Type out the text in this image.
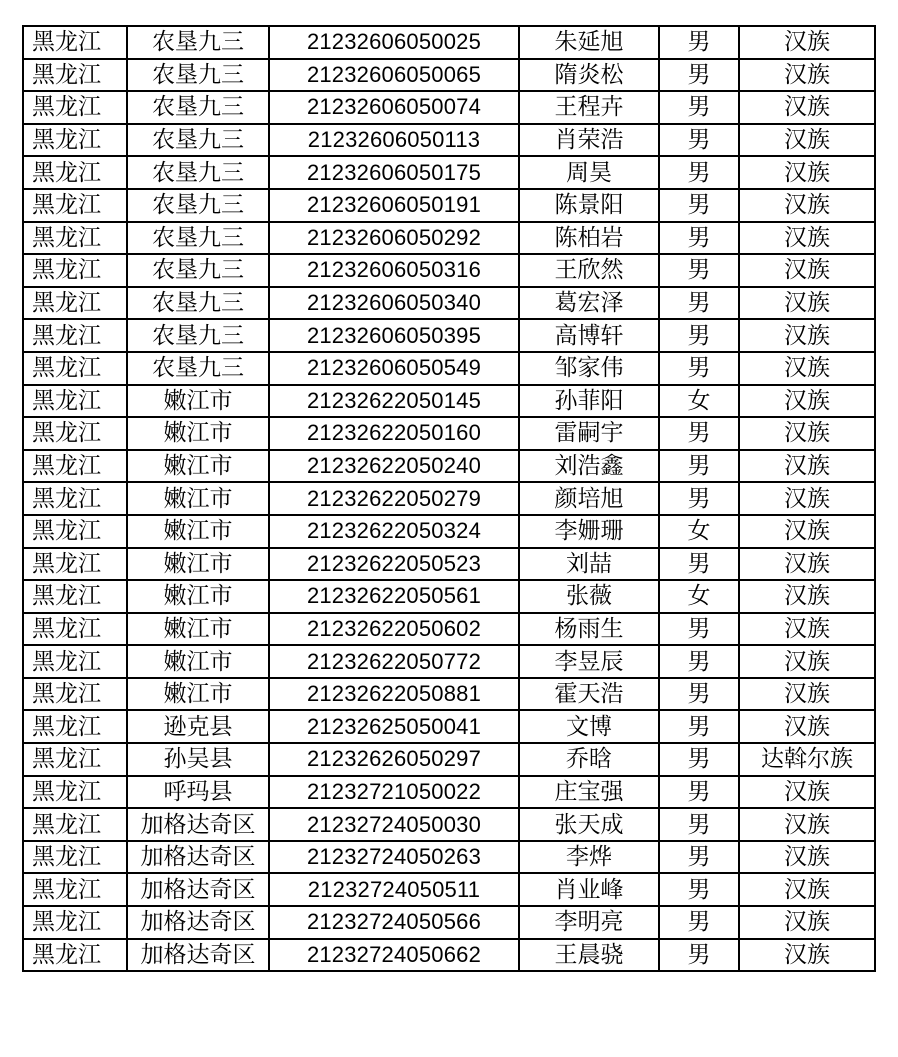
黑龙江	农垦九三	21232606050025	朱延旭	男	汉族
黑龙江	农垦九三	21232606050065	隋炎松	男	汉族
黑龙江	农垦九三	21232606050074	王程卉	男	汉族
黑龙江	农垦九三	21232606050113	肖荣浩	男	汉族
黑龙江	农垦九三	21232606050175	周昊	男	汉族
黑龙江	农垦九三	21232606050191	陈景阳	男	汉族
黑龙江	农垦九三	21232606050292	陈柏岩	男	汉族
黑龙江	农垦九三	21232606050316	王欣然	男	汉族
黑龙江	农垦九三	21232606050340	葛宏泽	男	汉族
黑龙江	农垦九三	21232606050395	高博轩	男	汉族
黑龙江	农垦九三	21232606050549	邹家伟	男	汉族
黑龙江	嫩江市	21232622050145	孙菲阳	女	汉族
黑龙江	嫩江市	21232622050160	雷嗣宇	男	汉族
黑龙江	嫩江市	21232622050240	刘浩鑫	男	汉族
黑龙江	嫩江市	21232622050279	颜培旭	男	汉族
黑龙江	嫩江市	21232622050324	李姗珊	女	汉族
黑龙江	嫩江市	21232622050523	刘喆	男	汉族
黑龙江	嫩江市	21232622050561	张薇	女	汉族
黑龙江	嫩江市	21232622050602	杨雨生	男	汉族
黑龙江	嫩江市	21232622050772	李昱辰	男	汉族
黑龙江	嫩江市	21232622050881	霍天浩	男	汉族
黑龙江	逊克县	21232625050041	文博	男	汉族
黑龙江	孙吴县	21232626050297	乔晗	男	达斡尔族
黑龙江	呼玛县	21232721050022	庄宝强	男	汉族
黑龙江	加格达奇区	21232724050030	张天成	男	汉族
黑龙江	加格达奇区	21232724050263	李烨	男	汉族
黑龙江	加格达奇区	21232724050511	肖业峰	男	汉族
黑龙江	加格达奇区	21232724050566	李明亮	男	汉族
黑龙江	加格达奇区	21232724050662	王晨骁	男	汉族
